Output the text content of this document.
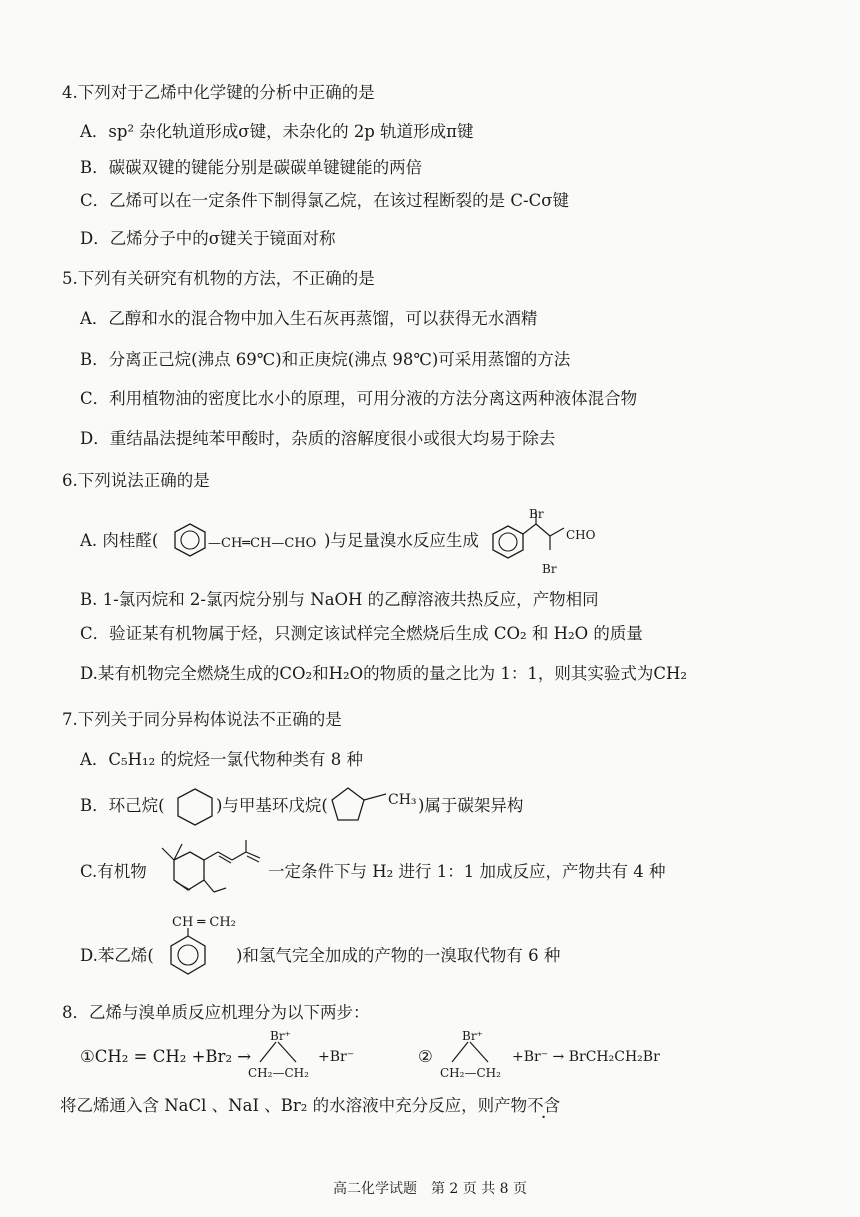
4.下列对于乙烯中化学键的分析中正确的是
A．sp² 杂化轨道形成σ键，未杂化的 2p 轨道形成π键
B．碳碳双键的键能分别是碳碳单键键能的两倍
C．乙烯可以在一定条件下制得氯乙烷，在该过程断裂的是 C-Cσ键
D．乙烯分子中的σ键关于镜面对称
5.下列有关研究有机物的方法，不正确的是
A．乙醇和水的混合物中加入生石灰再蒸馏，可以获得无水酒精
B．分离正己烷(沸点 69℃)和正庚烷(沸点 98℃)可采用蒸馏的方法
C．利用植物油的密度比水小的原理，可用分液的方法分离这两种液体混合物
D．重结晶法提纯苯甲酸时，杂质的溶解度很小或很大均易于除去
6.下列说法正确的是
A. 肉桂醛(	—CH═CH—CHO )与足量溴水反应生成
Br
Br
CHO
B. 1-氯丙烷和 2-氯丙烷分别与 NaOH 的乙醇溶液共热反应，产物相同
C．验证某有机物属于烃，只测定该试样完全燃烧后生成 CO₂ 和 H₂O 的质量
D.某有机物完全燃烧生成的CO₂和H₂O的物质的量之比为 1：1，则其实验式为CH₂
7.下列关于同分异构体说法不正确的是
A．C₅H₁₂ 的烷烃一氯代物种类有 8 种
B．环己烷(	)与甲基环戊烷(	CH₃ )属于碳架异构
C.有机物	一定条件下与 H₂ 进行 1：1 加成反应，产物共有 4 种
CH ═ CH₂
D.苯乙烯(	)和氢气完全加成的产物的一溴取代物有 6 种
8．乙烯与溴单质反应机理分为以下两步：
①CH₂ = CH₂ +Br₂ →
Br⁺
CH₂—CH₂
+Br⁻	②
Br⁺
CH₂—CH₂
+Br⁻ → BrCH₂CH₂Br
将乙烯通入含 NaCl 、NaI 、Br₂ 的水溶液中充分反应，则产物不含
高二化学试题　第 2 页 共 8 页
